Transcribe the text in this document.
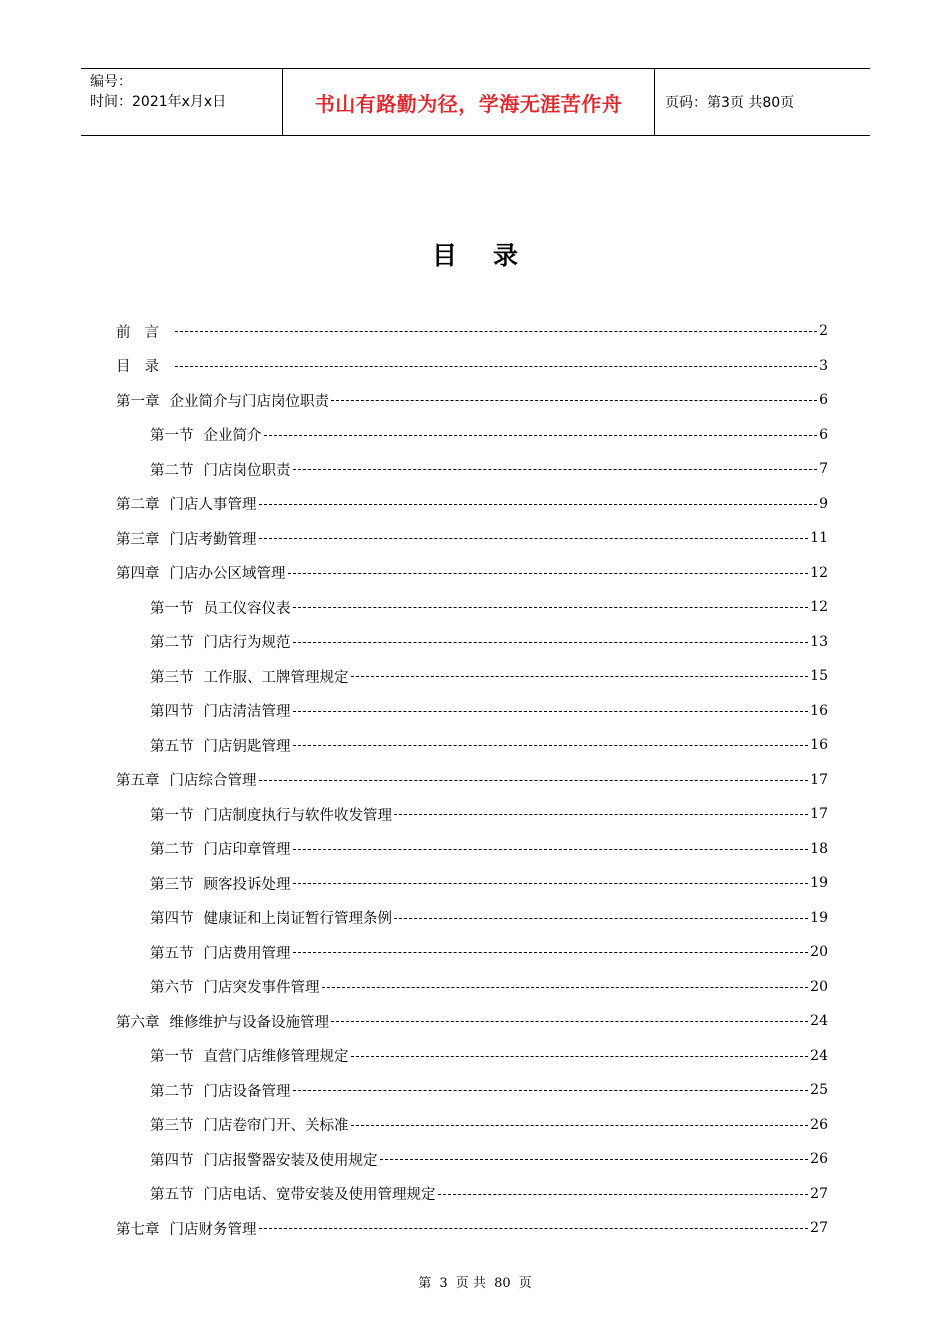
编号：
时间：2021年x月x日	书山有路勤为径，学海无涯苦作舟	页码：第3页 共80页
目录
前言	2
目录	3
第一章 企业简介与门店岗位职责	6
第一节 企业简介	6
第二节 门店岗位职责	7
第二章 门店人事管理	9
第三章 门店考勤管理	11
第四章 门店办公区域管理	12
第一节 员工仪容仪表	12
第二节 门店行为规范	13
第三节 工作服、工牌管理规定	15
第四节 门店清洁管理	16
第五节 门店钥匙管理	16
第五章 门店综合管理	17
第一节 门店制度执行与软件收发管理	17
第二节 门店印章管理	18
第三节 顾客投诉处理	19
第四节 健康证和上岗证暂行管理条例	19
第五节 门店费用管理	20
第六节 门店突发事件管理	20
第六章 维修维护与设备设施管理	24
第一节 直营门店维修管理规定	24
第二节 门店设备管理	25
第三节 门店卷帘门开、关标准	26
第四节 门店报警器安装及使用规定	26
第五节 门店电话、宽带安装及使用管理规定	27
第七章 门店财务管理	27
第 3 页 共 80 页
